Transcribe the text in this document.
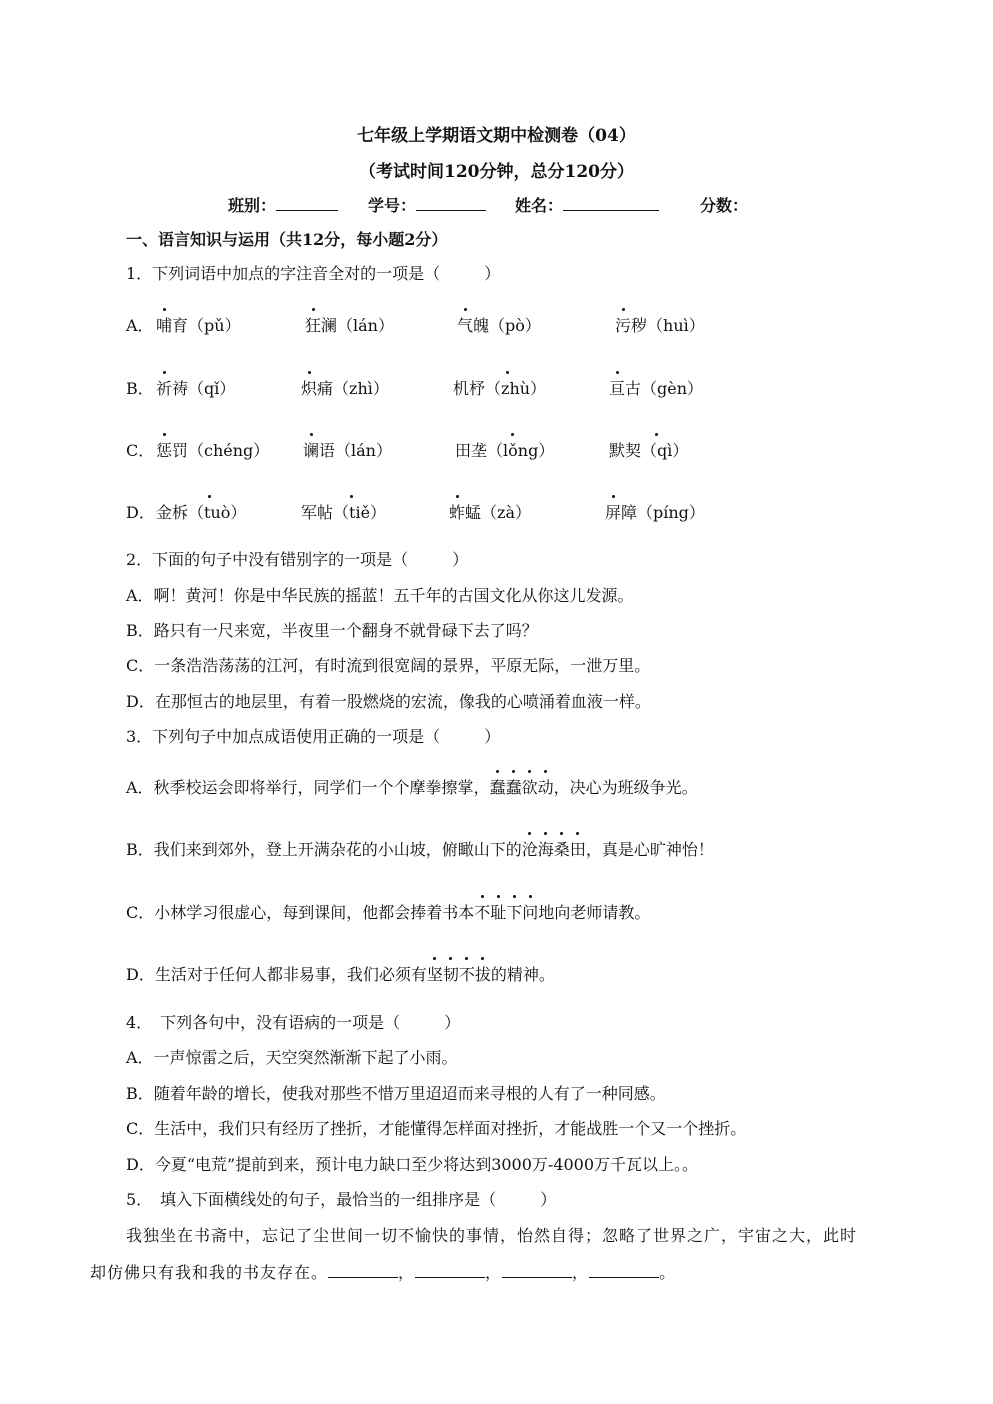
七年级上学期语文期中检测卷（04）
（考试时间120分钟，总分120分）
班别：	学号：	姓名：	分数：
一、语言知识与运用（共12分，每小题2分）
1．下列词语中加点的字注音全对的一项是（	）
A． 哺育（pǔ）	狂澜（lán）	气魄（pò）	污秽（huì）
B． 祈祷（qǐ）	炽痛（zhì）	机杼（zhù）	亘古（gèn）
C． 惩罚（chéng） 谰语（lán）	田垄（lǒng）	默契（qì）
D． 金柝（tuò）	军帖（tiě）	蚱蜢（zà）	屏障（píng）
2．下面的句子中没有错别字的一项是（	）
A．啊！黄河！你是中华民族的摇蓝！五千年的古国文化从你这儿发源。
B．路只有一尺来宽，半夜里一个翻身不就骨碌下去了吗？
C．一条浩浩荡荡的江河，有时流到很宽阔的景界，平原无际，一泄万里。
D．在那恒古的地层里，有着一股燃烧的宏流，像我的心喷涌着血液一样。
3．下列句子中加点成语使用正确的一项是（	）
A．秋季校运会即将举行，同学们一个个摩拳擦掌，蠢蠢欲动，决心为班级争光。
B．我们来到郊外，登上开满杂花的小山坡，俯瞰山下的沧海桑田，真是心旷神怡！
C．小林学习很虚心，每到课间，他都会捧着书本不耻下问地向老师请教。
D．生活对于任何人都非易事，我们必须有坚韧不拔的精神。
4．　下列各句中，没有语病的一项是（	）
A．一声惊雷之后，天空突然渐渐下起了小雨。
B．随着年龄的增长，使我对那些不惜万里迢迢而来寻根的人有了一种同感。
C．生活中，我们只有经历了挫折，才能懂得怎样面对挫折，才能战胜一个又一个挫折。
D．今夏“电荒”提前到来，预计电力缺口至少将达到3000万-4000万千瓦以上。。
5．　填入下面横线处的句子，最恰当的一组排序是（	）
我独坐在书斋中，忘记了尘世间一切不愉快的事情，怡然自得；忽略了世界之广，宇宙之大，此时
却仿佛只有我和我的书友存在。	，	，	，	。
